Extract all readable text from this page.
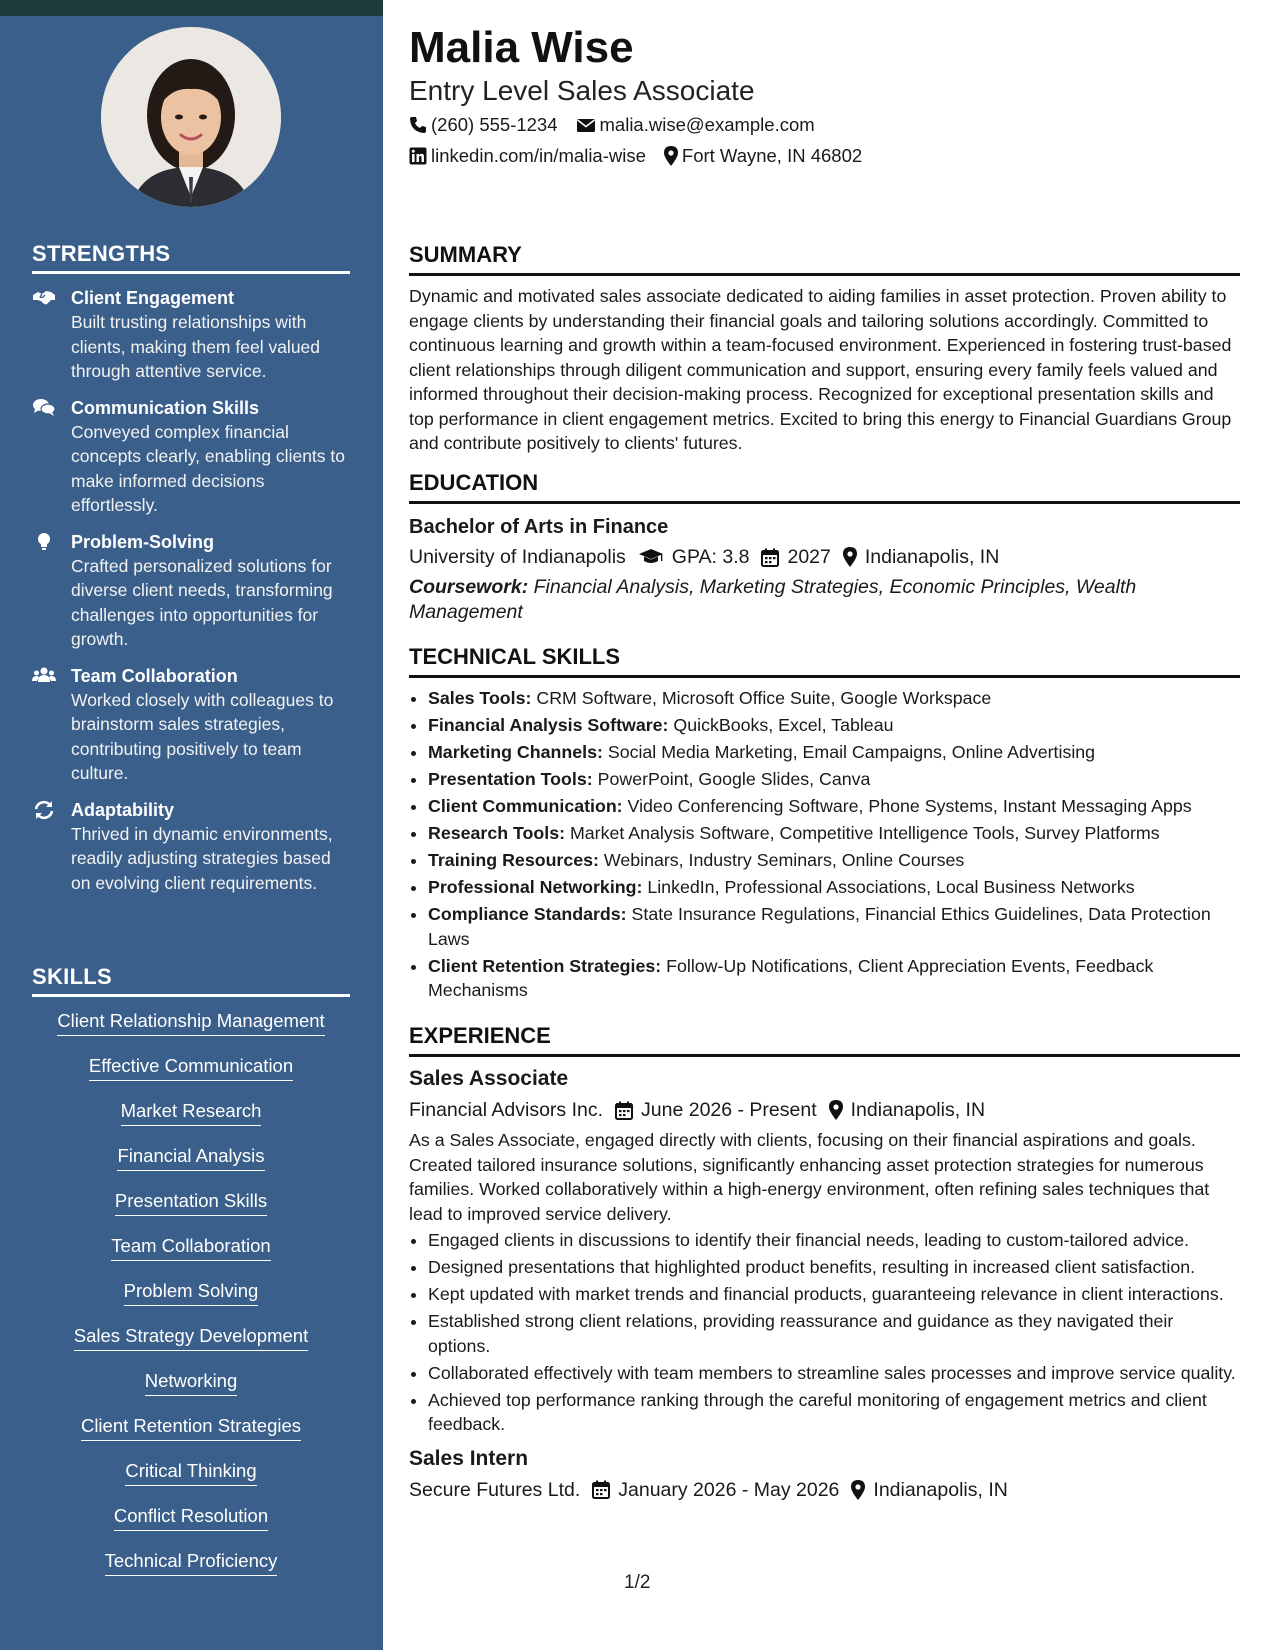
STRENGTHS
Client Engagement
Built trusting relationships with clients, making them feel valued through attentive service.
Communication Skills
Conveyed complex financial concepts clearly, enabling clients to make informed decisions effortlessly.
Problem-Solving
Crafted personalized solutions for diverse client needs, transforming challenges into opportunities for growth.
Team Collaboration
Worked closely with colleagues to brainstorm sales strategies, contributing positively to team culture.
Adaptability
Thrived in dynamic environments, readily adjusting strategies based on evolving client requirements.
SKILLS
Client Relationship Management
Effective Communication
Market Research
Financial Analysis
Presentation Skills
Team Collaboration
Problem Solving
Sales Strategy Development
Networking
Client Retention Strategies
Critical Thinking
Conflict Resolution
Technical Proficiency
Malia Wise
Entry Level Sales Associate
(260) 555-1234 malia.wise@example.com
linkedin.com/in/malia-wise Fort Wayne, IN 46802
SUMMARY
Dynamic and motivated sales associate dedicated to aiding families in asset protection. Proven ability to engage clients by understanding their financial goals and tailoring solutions accordingly. Committed to continuous learning and growth within a team-focused environment. Experienced in fostering trust-based client relationships through diligent communication and support, ensuring every family feels valued and informed throughout their decision-making process. Recognized for exceptional presentation skills and top performance in client engagement metrics. Excited to bring this energy to Financial Guardians Group and contribute positively to clients' futures.
EDUCATION
Bachelor of Arts in Finance
University of Indianapolis GPA: 3.8 2027 Indianapolis, IN
Coursework: Financial Analysis, Marketing Strategies, Economic Principles, Wealth Management
TECHNICAL SKILLS
• Sales Tools: CRM Software, Microsoft Office Suite, Google Workspace
• Financial Analysis Software: QuickBooks, Excel, Tableau
• Marketing Channels: Social Media Marketing, Email Campaigns, Online Advertising
• Presentation Tools: PowerPoint, Google Slides, Canva
• Client Communication: Video Conferencing Software, Phone Systems, Instant Messaging Apps
• Research Tools: Market Analysis Software, Competitive Intelligence Tools, Survey Platforms
• Training Resources: Webinars, Industry Seminars, Online Courses
• Professional Networking: LinkedIn, Professional Associations, Local Business Networks
• Compliance Standards: State Insurance Regulations, Financial Ethics Guidelines, Data Protection Laws
• Client Retention Strategies: Follow-Up Notifications, Client Appreciation Events, Feedback Mechanisms
EXPERIENCE
Sales Associate
Financial Advisors Inc. June 2026 - Present Indianapolis, IN
As a Sales Associate, engaged directly with clients, focusing on their financial aspirations and goals. Created tailored insurance solutions, significantly enhancing asset protection strategies for numerous families. Worked collaboratively within a high-energy environment, often refining sales techniques that lead to improved service delivery.
• Engaged clients in discussions to identify their financial needs, leading to custom-tailored advice.
• Designed presentations that highlighted product benefits, resulting in increased client satisfaction.
• Kept updated with market trends and financial products, guaranteeing relevance in client interactions.
• Established strong client relations, providing reassurance and guidance as they navigated their options.
• Collaborated effectively with team members to streamline sales processes and improve service quality.
• Achieved top performance ranking through the careful monitoring of engagement metrics and client feedback.
Sales Intern
Secure Futures Ltd. January 2026 - May 2026 Indianapolis, IN
1/2
